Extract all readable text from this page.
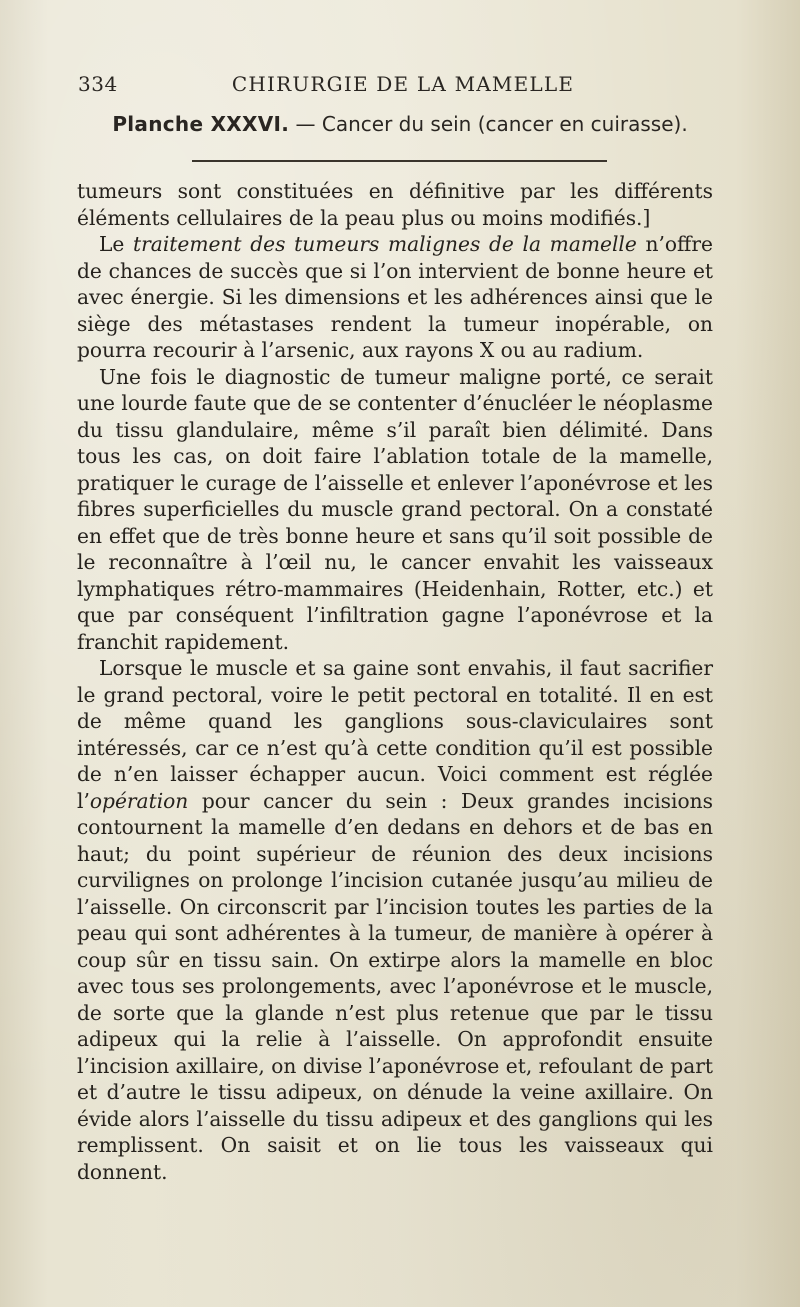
334	CHIRURGIE DE LA MAMELLE
Planche XXXVI. — Cancer du sein (cancer en cuirasse).

tumeurs sont constituées en définitive par les différents éléments cellulaires de la peau plus ou moins modifiés.]

Le traitement des tumeurs malignes de la mamelle n’offre de chances de succès que si l’on intervient de bonne heure et avec énergie. Si les dimensions et les adhérences ainsi que le siège des métastases rendent la tumeur inopérable, on pourra recourir à l’arsenic, aux rayons X ou au radium.

Une fois le diagnostic de tumeur maligne porté, ce serait une lourde faute que de se contenter d’énucléer le néoplasme du tissu glandulaire, même s’il paraît bien délimité. Dans tous les cas, on doit faire l’ablation totale de la mamelle, pratiquer le curage de l’aisselle et enlever l’aponévrose et les fibres superficielles du muscle grand pectoral. On a constaté en effet que de très bonne heure et sans qu’il soit possible de le reconnaître à l’œil nu, le cancer envahit les vaisseaux lymphatiques rétro-mammaires (Heidenhain, Rotter, etc.) et que par conséquent l’infiltration gagne l’aponévrose et la franchit rapidement.

Lorsque le muscle et sa gaine sont envahis, il faut sacrifier le grand pectoral, voire le petit pectoral en totalité. Il en est de même quand les ganglions sous-claviculaires sont intéressés, car ce n’est qu’à cette condition qu’il est possible de n’en laisser échapper aucun. Voici comment est réglée l’opération pour cancer du sein : Deux grandes incisions contournent la mamelle d’en dedans en dehors et de bas en haut; du point supérieur de réunion des deux incisions curvilignes on prolonge l’incision cutanée jusqu’au milieu de l’aisselle. On circonscrit par l’incision toutes les parties de la peau qui sont adhérentes à la tumeur, de manière à opérer à coup sûr en tissu sain. On extirpe alors la mamelle en bloc avec tous ses prolongements, avec l’aponévrose et le muscle, de sorte que la glande n’est plus retenue que par le tissu adipeux qui la relie à l’aisselle. On approfondit ensuite l’incision axillaire, on divise l’aponévrose et, refoulant de part et d’autre le tissu adipeux, on dénude la veine axillaire. On évide alors l’aisselle du tissu adipeux et des ganglions qui les remplissent. On saisit et on lie tous les vaisseaux qui donnent.
